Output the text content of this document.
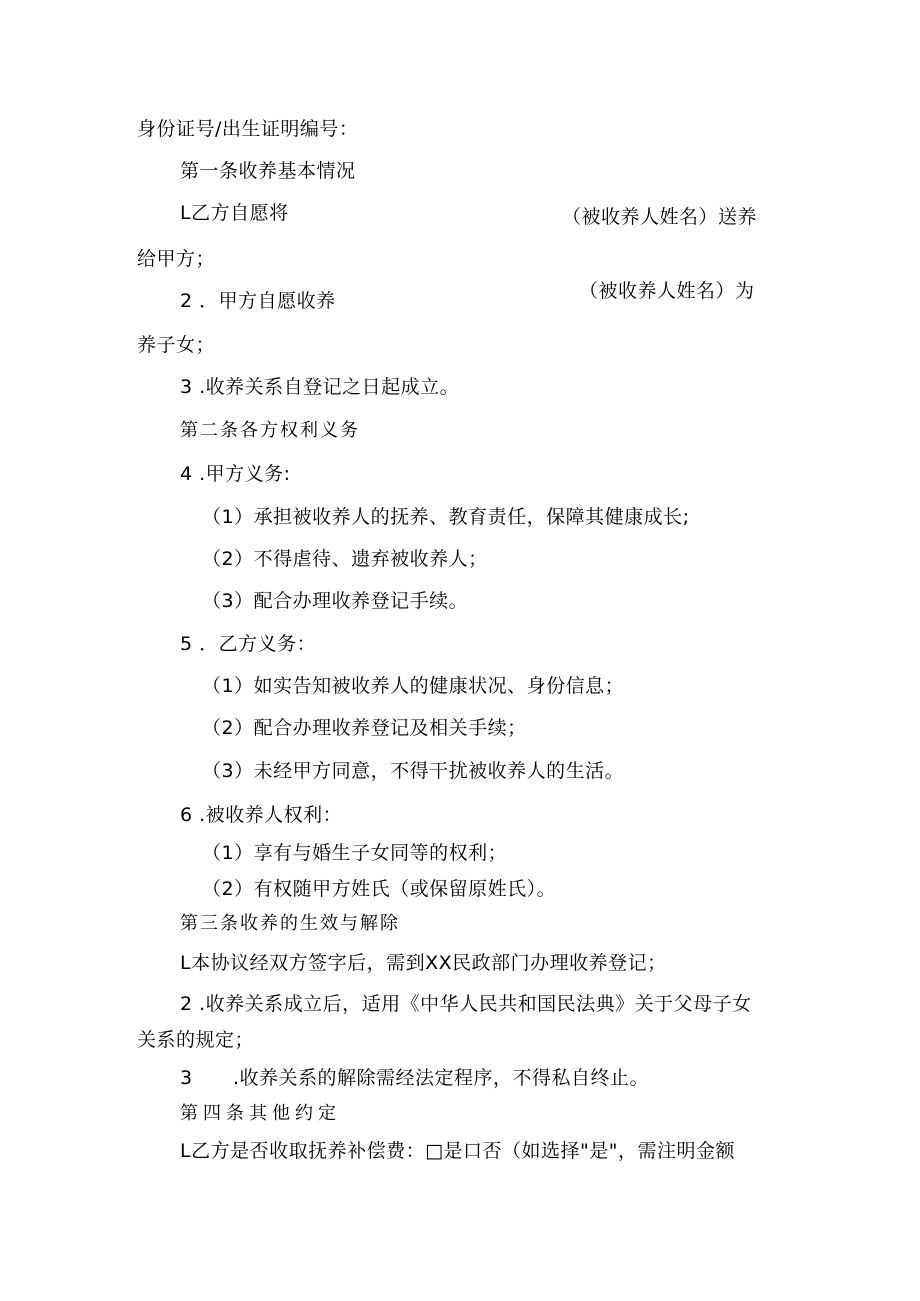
身份证号/出生证明编号：
第一条收养基本情况
L乙方自愿将	（被收养人姓名）送养
给甲方；
2 ．甲方自愿收养	（被收养人姓名）为
养子女；
3 .收养关系自登记之日起成立。
第二条各方权利义务
4 .甲方义务:
（1）承担被收养人的抚养、教育责任，保障其健康成长;
（2）不得虐待、遗弃被收养人；
（3）配合办理收养登记手续。
5 ．乙方义务：
（1）如实告知被收养人的健康状况、身份信息；
（2）配合办理收养登记及相关手续；
（3）未经甲方同意，不得干扰被收养人的生活。
6 .被收养人权利：
（1）享有与婚生子女同等的权利；
（2）有权随甲方姓氏（或保留原姓氏）。
第三条收养的生效与解除
L本协议经双方签字后，需到XX民政部门办理收养登记；
2 .收养关系成立后，适用《中华人民共和国民法典》关于父母子女
关系的规定；
3 .收养关系的解除需经法定程序，不得私自终止。
第四条其他约定
L乙方是否收取抚养补偿费：□是口否（如选择"是"，需注明金额
